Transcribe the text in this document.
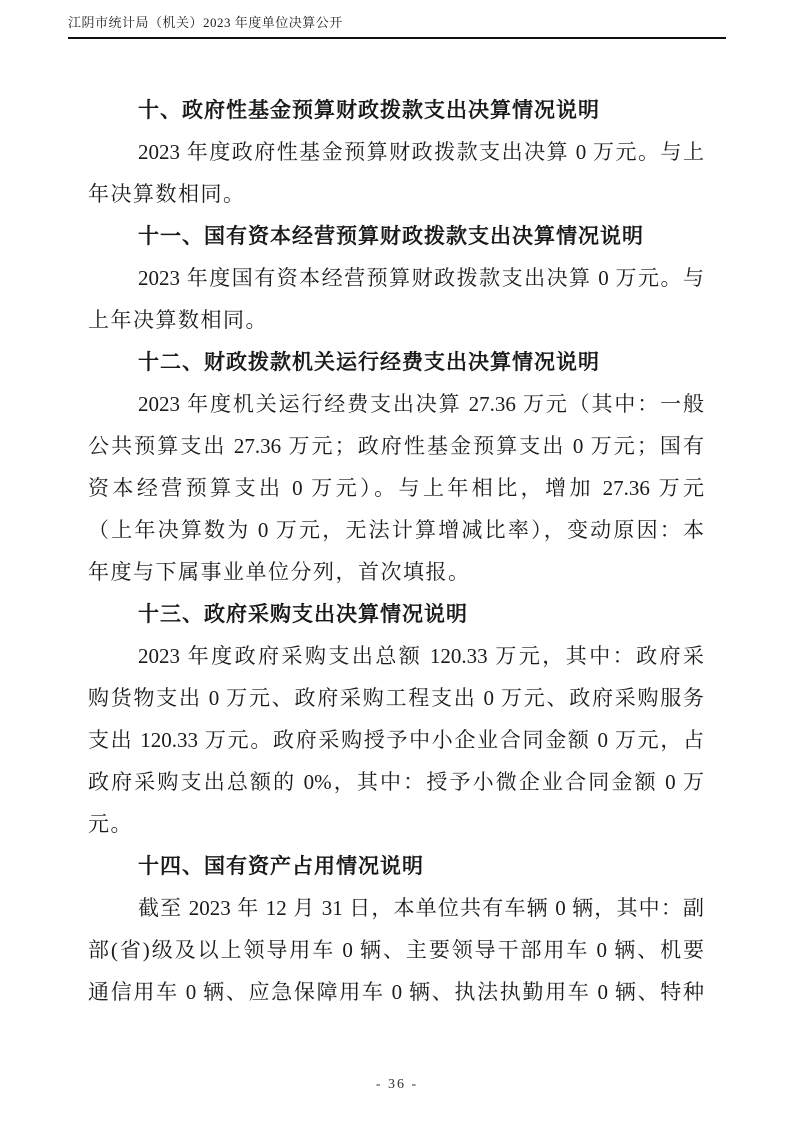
江阴市统计局（机关）2023 年度单位决算公开
十、政府性基金预算财政拨款支出决算情况说明
2023 年度政府性基金预算财政拨款支出决算 0 万元。与上
年决算数相同。
十一、国有资本经营预算财政拨款支出决算情况说明
2023 年度国有资本经营预算财政拨款支出决算 0 万元。与
上年决算数相同。
十二、财政拨款机关运行经费支出决算情况说明
2023 年度机关运行经费支出决算 27.36 万元（其中：一般
公共预算支出 27.36 万元；政府性基金预算支出 0 万元；国有
资本经营预算支出 0 万元）。与上年相比，增加 27.36 万元
（上年决算数为 0 万元，无法计算增减比率），变动原因：本
年度与下属事业单位分列，首次填报。
十三、政府采购支出决算情况说明
2023 年度政府采购支出总额 120.33 万元，其中：政府采
购货物支出 0 万元、政府采购工程支出 0 万元、政府采购服务
支出 120.33 万元。政府采购授予中小企业合同金额 0 万元，占
政府采购支出总额的 0%，其中：授予小微企业合同金额 0 万
元。
十四、国有资产占用情况说明
截至 2023 年 12 月 31 日，本单位共有车辆 0 辆，其中：副
部(省)级及以上领导用车 0 辆、主要领导干部用车 0 辆、机要
通信用车 0 辆、应急保障用车 0 辆、执法执勤用车 0 辆、特种
- 36 -
